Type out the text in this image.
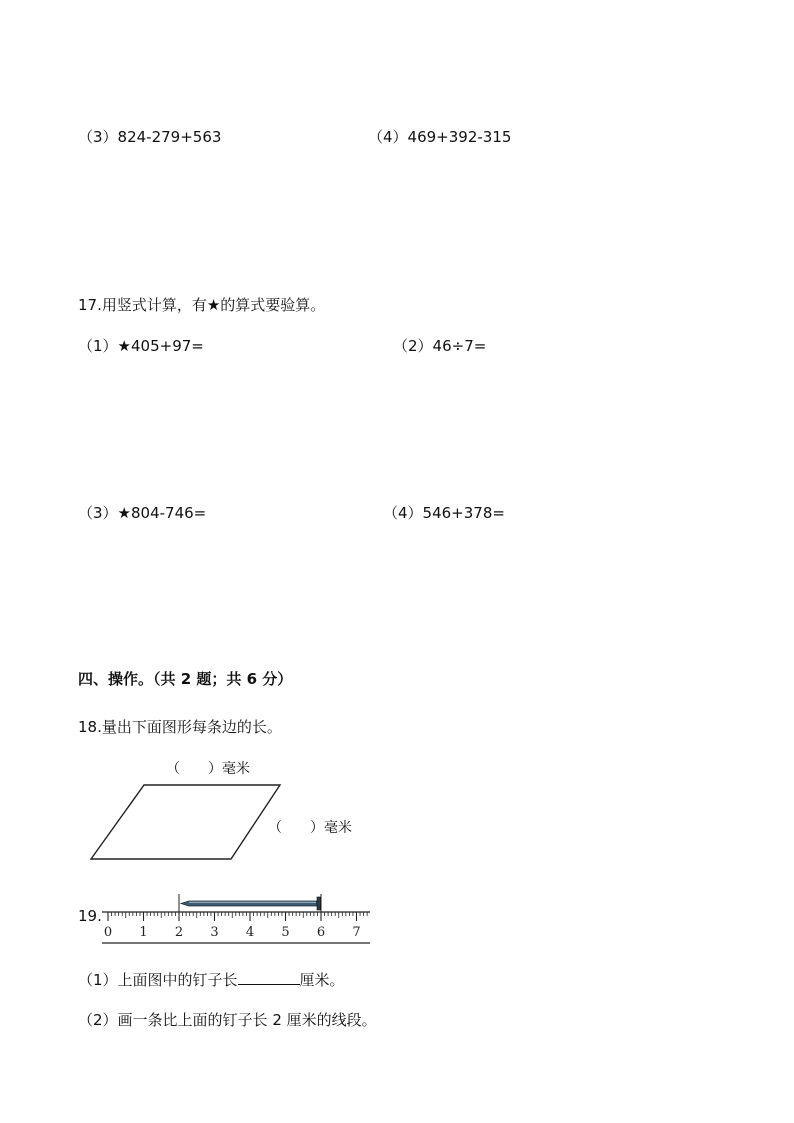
（3）824-279+563	（4）469+392-315
17.用竖式计算，有★的算式要验算。
（1）★405+97=	（2）46÷7=
（3）★804-746=	（4）546+378=
四、操作。（共 2 题；共 6 分）
18.量出下面图形每条边的长。
（　　）毫米
（　　）毫米
19.
0 1 2 3 4 5 6 7
（1）上面图中的钉子长	厘米。
（2）画一条比上面的钉子长 2 厘米的线段。
